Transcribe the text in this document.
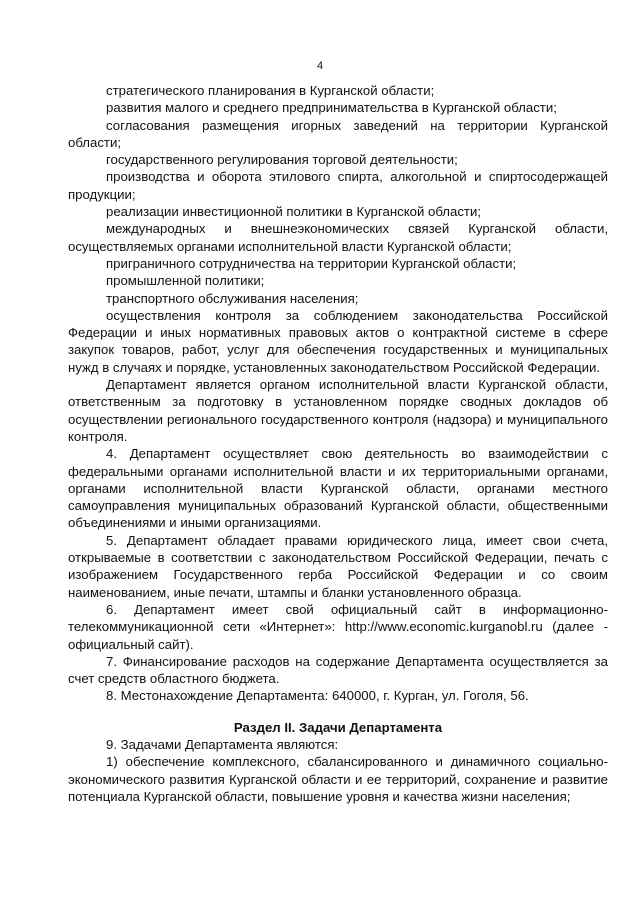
4

стратегического планирования в Курганской области;

развития малого и среднего предпринимательства в Курганской области;

согласования размещения игорных заведений на территории Курганской области;

государственного регулирования торговой деятельности;

производства и оборота этилового спирта, алкогольной и спиртосодержащей продукции;

реализации инвестиционной политики в Курганской области;

международных и внешнеэкономических связей Курганской области, осуществляемых органами исполнительной власти Курганской области;

приграничного сотрудничества на территории Курганской области;

промышленной политики;

транспортного обслуживания населения;

осуществления контроля за соблюдением законодательства Российской Федерации и иных нормативных правовых актов о контрактной системе в сфере закупок товаров, работ, услуг для обеспечения государственных и муниципальных нужд в случаях и порядке, установленных законодательством Российской Федерации.

Департамент является органом исполнительной власти Курганской области, ответственным за подготовку в установленном порядке сводных докладов об осуществлении регионального государственного контроля (надзора) и муниципального контроля.

4. Департамент осуществляет свою деятельность во взаимодействии с федеральными органами исполнительной власти и их территориальными органами, органами исполнительной власти Курганской области, органами местного самоуправления муниципальных образований Курганской области, общественными объединениями и иными организациями.

5. Департамент обладает правами юридического лица, имеет свои счета, открываемые в соответствии с законодательством Российской Федерации, печать с изображением Государственного герба Российской Федерации и со своим наименованием, иные печати, штампы и бланки установленного образца.

6. Департамент имеет свой официальный сайт в информационно-телекоммуникационной сети «Интернет»: http://www.economic.kurganobl.ru (далее - официальный сайт).

7. Финансирование расходов на содержание Департамента осуществляется за счет средств областного бюджета.

8. Местонахождение Департамента: 640000, г. Курган, ул. Гоголя, 56.

Раздел II. Задачи Департамента

9. Задачами Департамента являются:

1) обеспечение комплексного, сбалансированного и динамичного социально-экономического развития Курганской области и ее территорий, сохранение и развитие потенциала Курганской области, повышение уровня и качества жизни населения;
